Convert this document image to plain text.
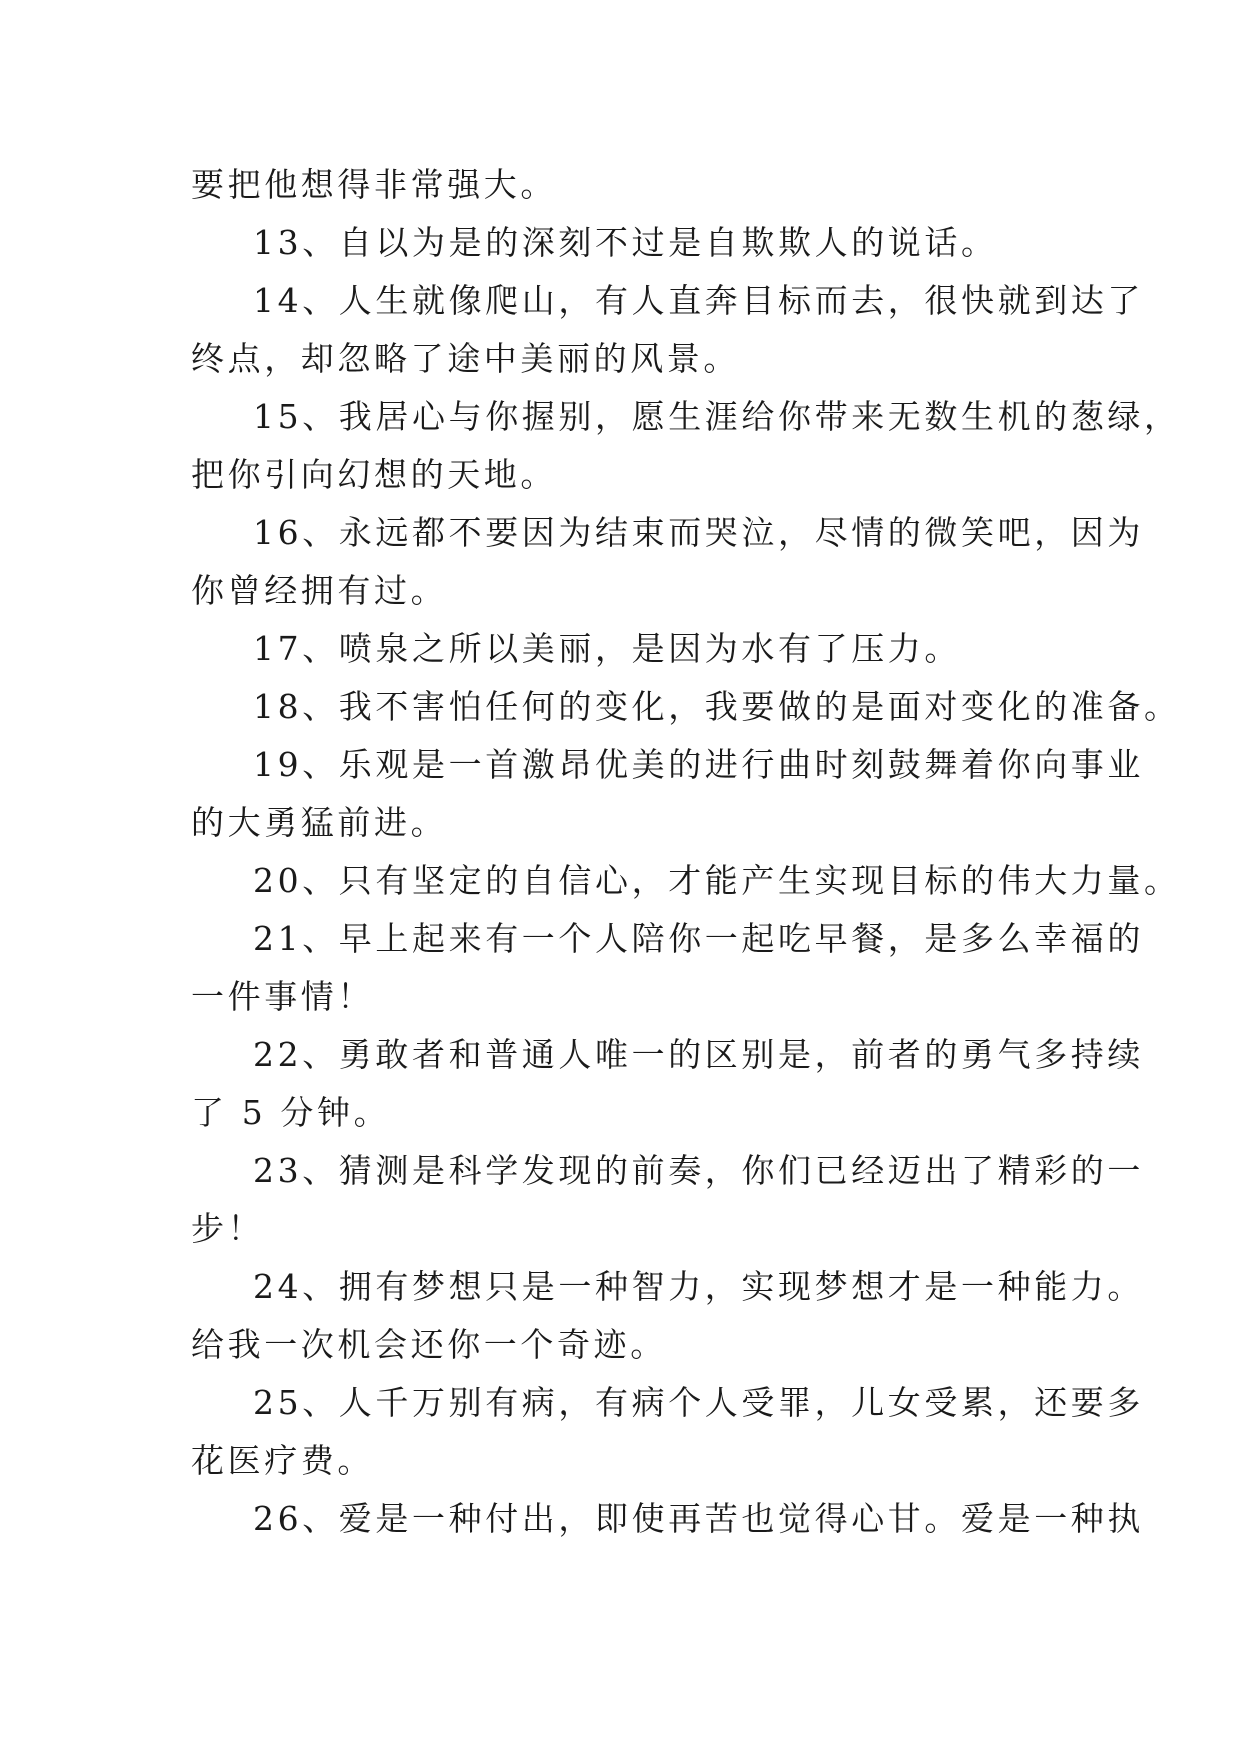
要把他想得非常强大。
13、自以为是的深刻不过是自欺欺人的说话。
14、人生就像爬山，有人直奔目标而去，很快就到达了
终点，却忽略了途中美丽的风景。
15、我居心与你握别，愿生涯给你带来无数生机的葱绿，
把你引向幻想的天地。
16、永远都不要因为结束而哭泣，尽情的微笑吧，因为
你曾经拥有过。
17、喷泉之所以美丽，是因为水有了压力。
18、我不害怕任何的变化，我要做的是面对变化的准备。
19、乐观是一首激昂优美的进行曲时刻鼓舞着你向事业
的大勇猛前进。
20、只有坚定的自信心，才能产生实现目标的伟大力量。
21、早上起来有一个人陪你一起吃早餐，是多么幸福的
一件事情！
22、勇敢者和普通人唯一的区别是，前者的勇气多持续
了 5 分钟。
23、猜测是科学发现的前奏，你们已经迈出了精彩的一
步！
24、拥有梦想只是一种智力，实现梦想才是一种能力。
给我一次机会还你一个奇迹。
25、人千万别有病，有病个人受罪，儿女受累，还要多
花医疗费。
26、爱是一种付出，即使再苦也觉得心甘。爱是一种执
